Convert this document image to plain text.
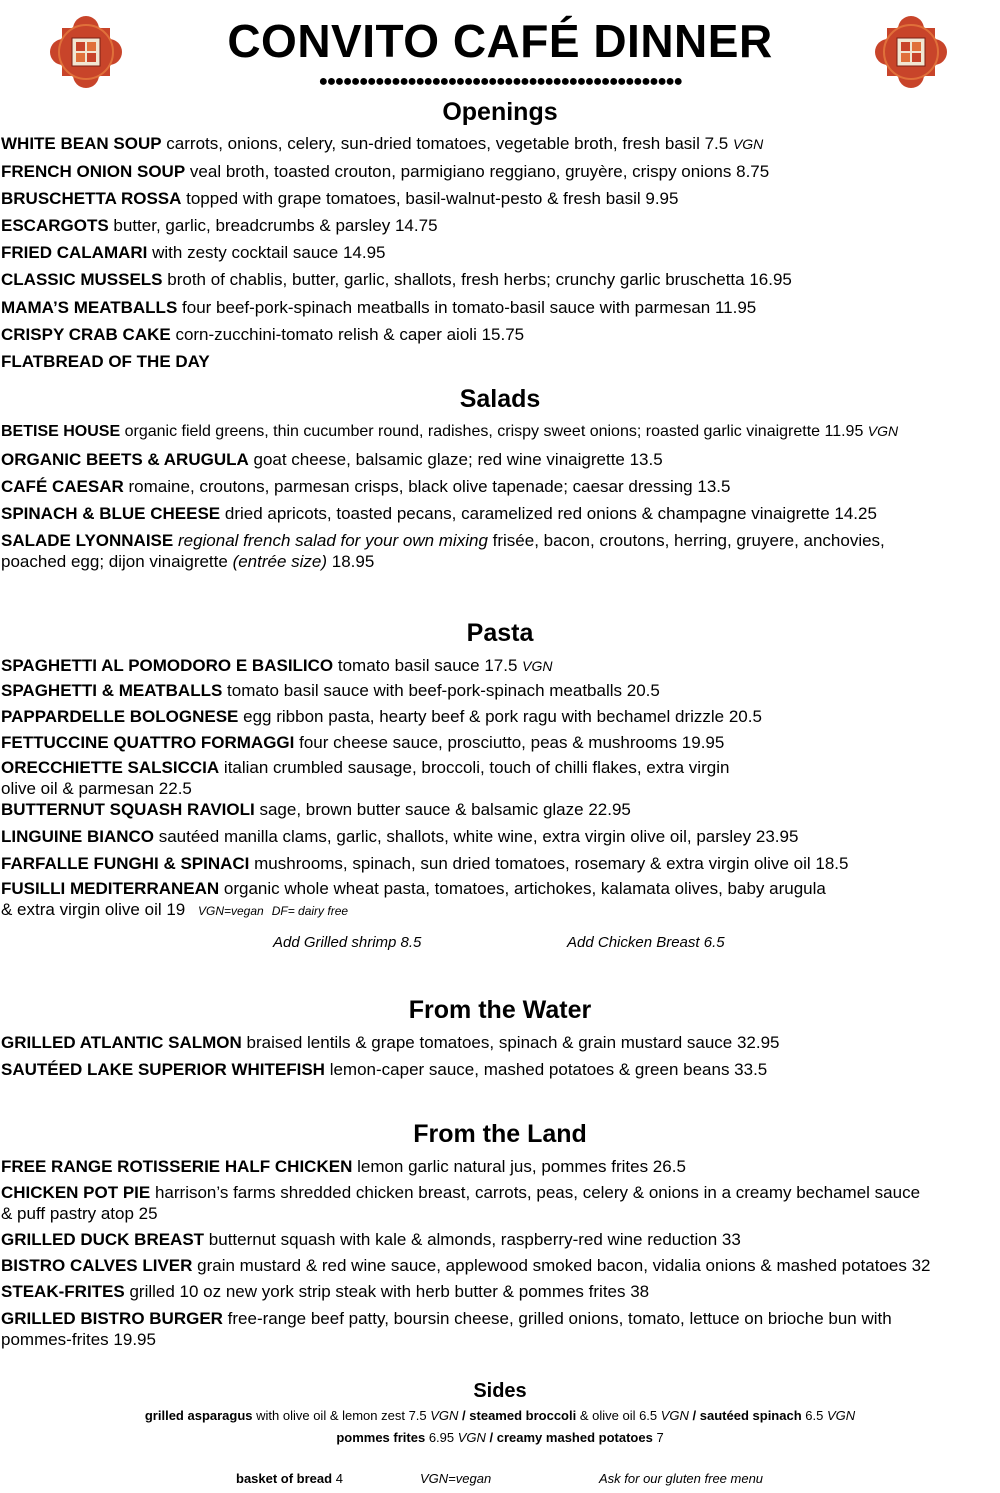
CONVITO CAFÉ DINNER
●●●●●●●●●●●●●●●●●●●●●●●●●●●●●●●●●●●●●●●●●●●●●
Openings
WHITE BEAN SOUP carrots, onions, celery, sun-dried tomatoes, vegetable broth, fresh basil 7.5 VGN
FRENCH ONION SOUP veal broth, toasted crouton, parmigiano reggiano, gruyère, crispy onions 8.75
BRUSCHETTA ROSSA topped with grape tomatoes, basil-walnut-pesto & fresh basil 9.95
ESCARGOTS butter, garlic, breadcrumbs & parsley 14.75
FRIED CALAMARI with zesty cocktail sauce 14.95
CLASSIC MUSSELS broth of chablis, butter, garlic, shallots, fresh herbs; crunchy garlic bruschetta 16.95
MAMA’S MEATBALLS four beef-pork-spinach meatballs in tomato-basil sauce with parmesan 11.95
CRISPY CRAB CAKE corn-zucchini-tomato relish & caper aioli 15.75
FLATBREAD OF THE DAY
Salads
BETISE HOUSE organic field greens, thin cucumber round, radishes, crispy sweet onions; roasted garlic vinaigrette 11.95 VGN
ORGANIC BEETS & ARUGULA goat cheese, balsamic glaze; red wine vinaigrette 13.5
CAFÉ CAESAR romaine, croutons, parmesan crisps, black olive tapenade; caesar dressing 13.5
SPINACH & BLUE CHEESE dried apricots, toasted pecans, caramelized red onions & champagne vinaigrette 14.25
SALADE LYONNAISE regional french salad for your own mixing frisée, bacon, croutons, herring, gruyere, anchovies,
poached egg; dijon vinaigrette (entrée size) 18.95
Pasta
SPAGHETTI AL POMODORO E BASILICO tomato basil sauce 17.5 VGN
SPAGHETTI & MEATBALLS tomato basil sauce with beef-pork-spinach meatballs 20.5
PAPPARDELLE BOLOGNESE egg ribbon pasta, hearty beef & pork ragu with bechamel drizzle 20.5
FETTUCCINE QUATTRO FORMAGGI four cheese sauce, prosciutto, peas & mushrooms 19.95
ORECCHIETTE SALSICCIA italian crumbled sausage, broccoli, touch of chilli flakes, extra virgin
olive oil & parmesan 22.5
BUTTERNUT SQUASH RAVIOLI sage, brown butter sauce & balsamic glaze 22.95
LINGUINE BIANCO sautéed manilla clams, garlic, shallots, white wine, extra virgin olive oil, parsley 23.95
FARFALLE FUNGHI & SPINACI mushrooms, spinach, sun dried tomatoes, rosemary & extra virgin olive oil 18.5
FUSILLI MEDITERRANEAN organic whole wheat pasta, tomatoes, artichokes, kalamata olives, baby arugula
& extra virgin olive oil 19 VGN=vegan DF= dairy free
Add Grilled shrimp 8.5	Add Chicken Breast 6.5
From the Water
GRILLED ATLANTIC SALMON braised lentils & grape tomatoes, spinach & grain mustard sauce 32.95
SAUTÉED LAKE SUPERIOR WHITEFISH lemon-caper sauce, mashed potatoes & green beans 33.5
From the Land
FREE RANGE ROTISSERIE HALF CHICKEN lemon garlic natural jus, pommes frites 26.5
CHICKEN POT PIE harrison’s farms shredded chicken breast, carrots, peas, celery & onions in a creamy bechamel sauce
& puff pastry atop 25
GRILLED DUCK BREAST butternut squash with kale & almonds, raspberry-red wine reduction 33
BISTRO CALVES LIVER grain mustard & red wine sauce, applewood smoked bacon, vidalia onions & mashed potatoes 32
STEAK-FRITES grilled 10 oz new york strip steak with herb butter & pommes frites 38
GRILLED BISTRO BURGER free-range beef patty, boursin cheese, grilled onions, tomato, lettuce on brioche bun with
pommes-frites 19.95
Sides
grilled asparagus with olive oil & lemon zest 7.5 VGN / steamed broccoli & olive oil 6.5 VGN / sautéed spinach 6.5 VGN
pommes frites 6.95 VGN / creamy mashed potatoes 7
basket of bread 4	VGN=vegan	Ask for our gluten free menu
